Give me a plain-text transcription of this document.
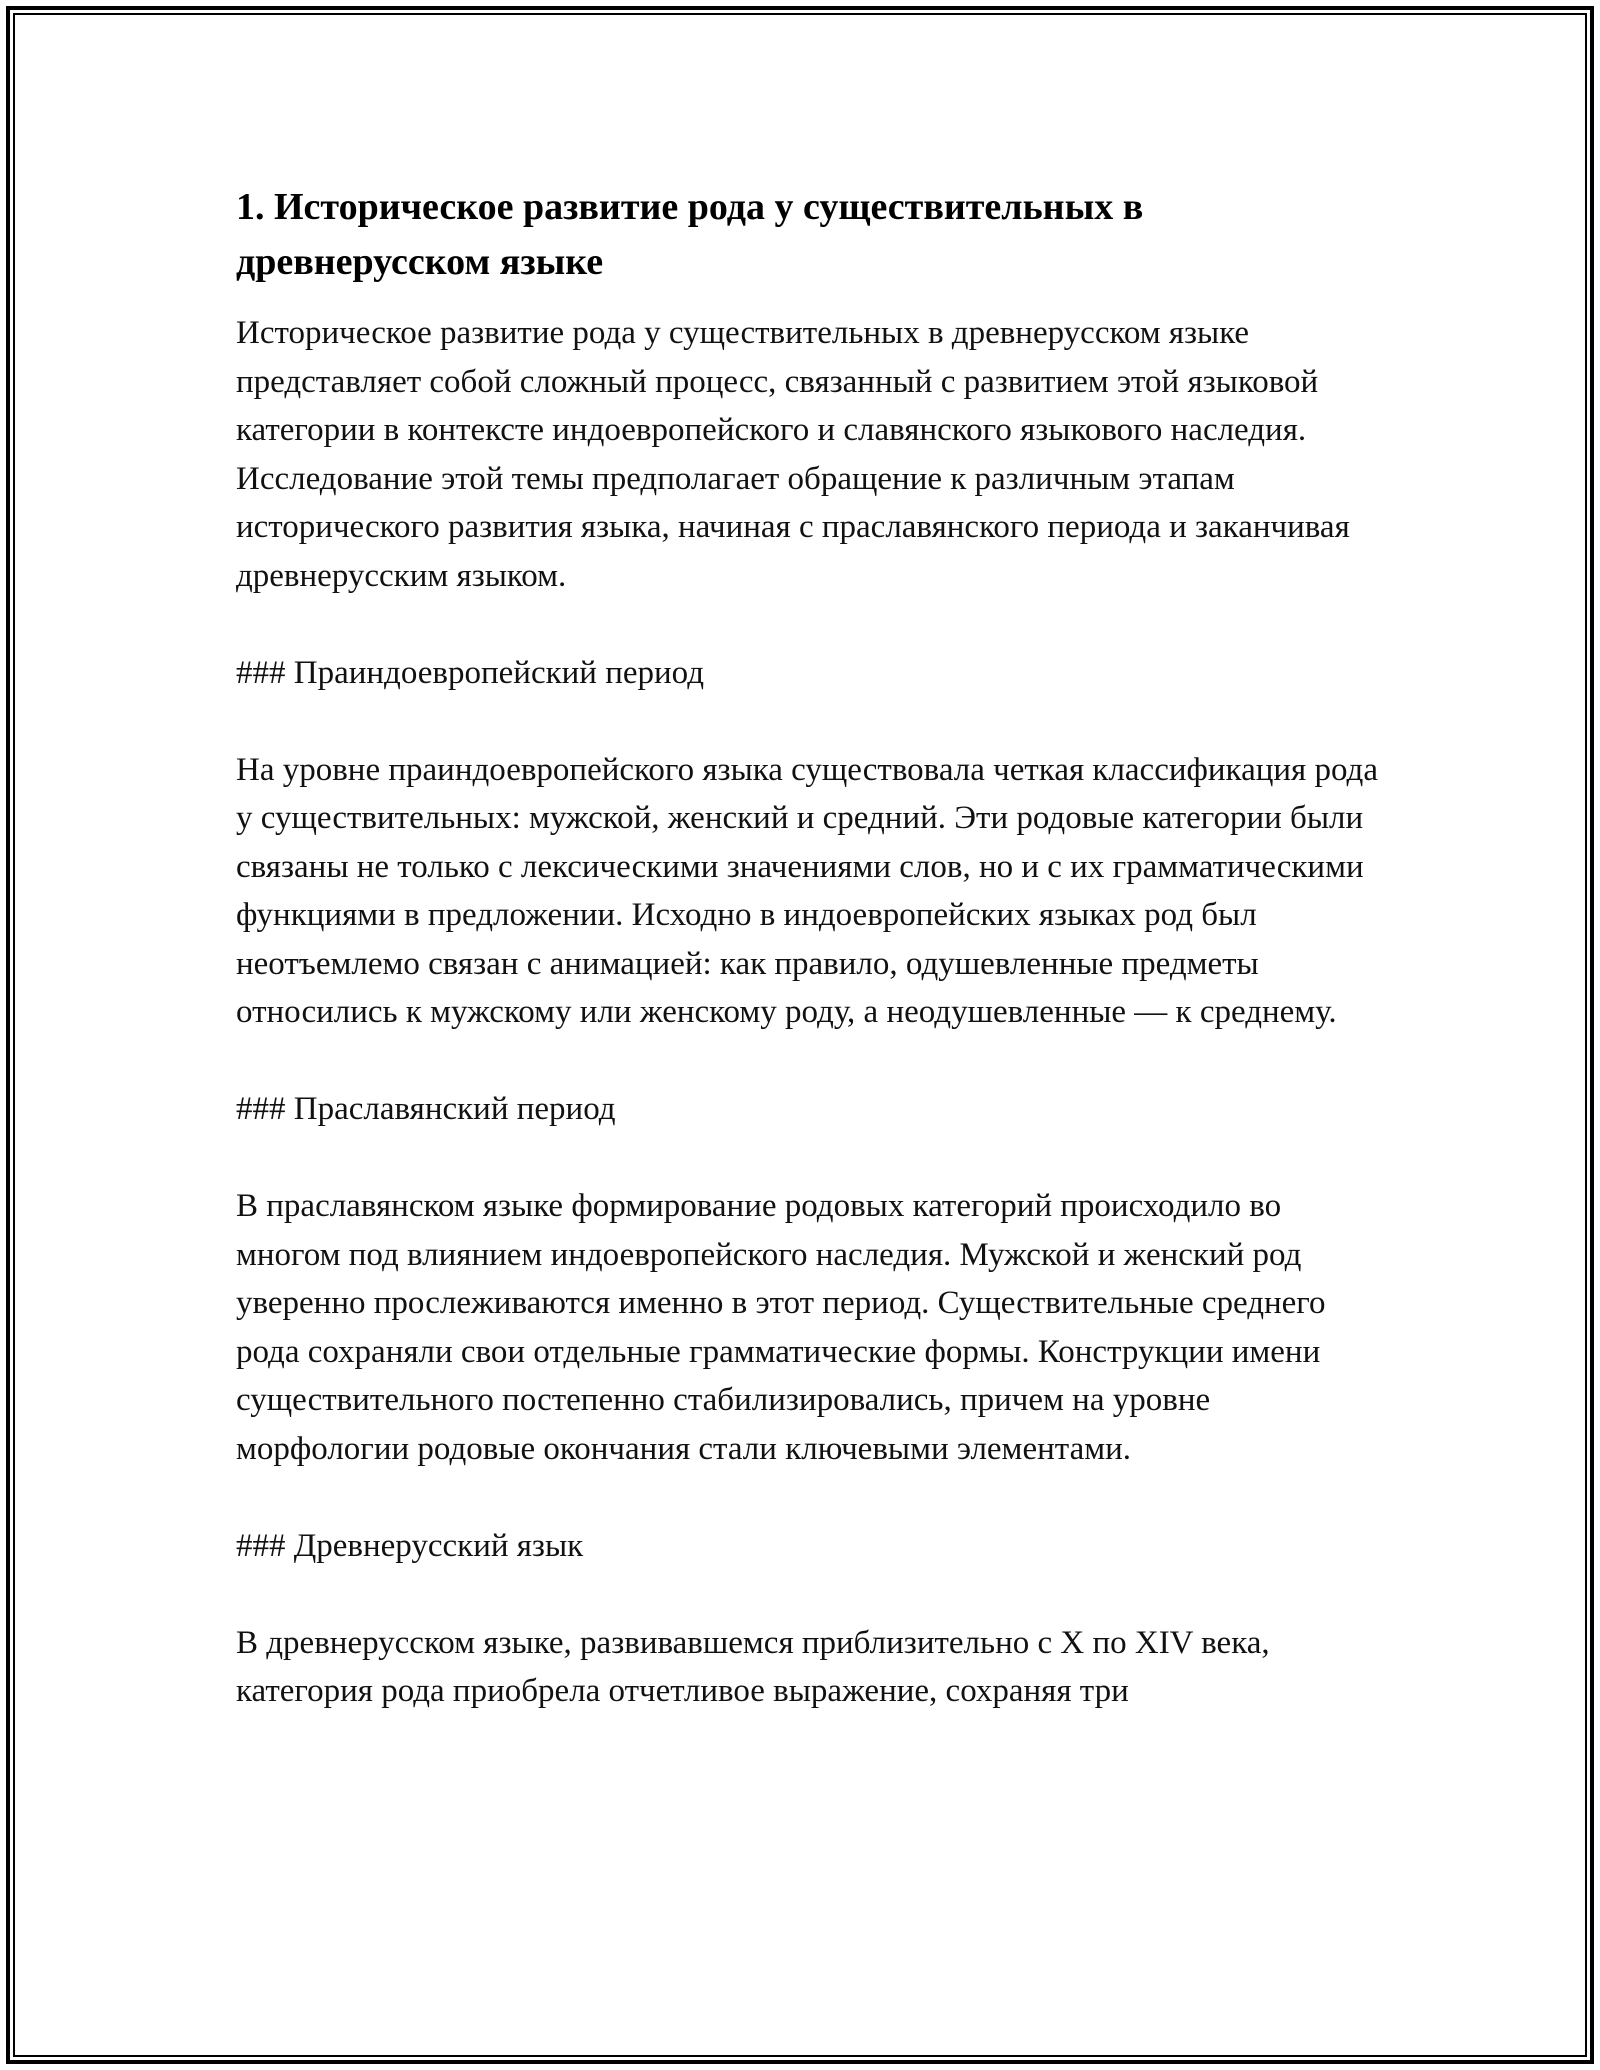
1. Историческое развитие рода у существительных в древнерусском языке

Историческое развитие рода у существительных в древнерусском языке представляет собой сложный процесс, связанный с развитием этой языковой категории в контексте индоевропейского и славянского языкового наследия. Исследование этой темы предполагает обращение к различным этапам исторического развития языка, начиная с праславянского периода и заканчивая древнерусским языком.

### Праиндоевропейский период

На уровне праиндоевропейского языка существовала четкая классификация рода у существительных: мужской, женский и средний. Эти родовые категории были связаны не только с лексическими значениями слов, но и с их грамматическими функциями в предложении. Исходно в индоевропейских языках род был неотъемлемо связан с анимацией: как правило, одушевленные предметы относились к мужскому или женскому роду, а неодушевленные — к среднему.

### Праславянский период

В праславянском языке формирование родовых категорий происходило во многом под влиянием индоевропейского наследия. Мужской и женский род уверенно прослеживаются именно в этот период. Существительные среднего рода сохраняли свои отдельные грамматические формы. Конструкции имени существительного постепенно стабилизировались, причем на уровне морфологии родовые окончания стали ключевыми элементами.

### Древнерусский язык

В древнерусском языке, развивавшемся приблизительно с X по XIV века, категория рода приобрела отчетливое выражение, сохраняя три
